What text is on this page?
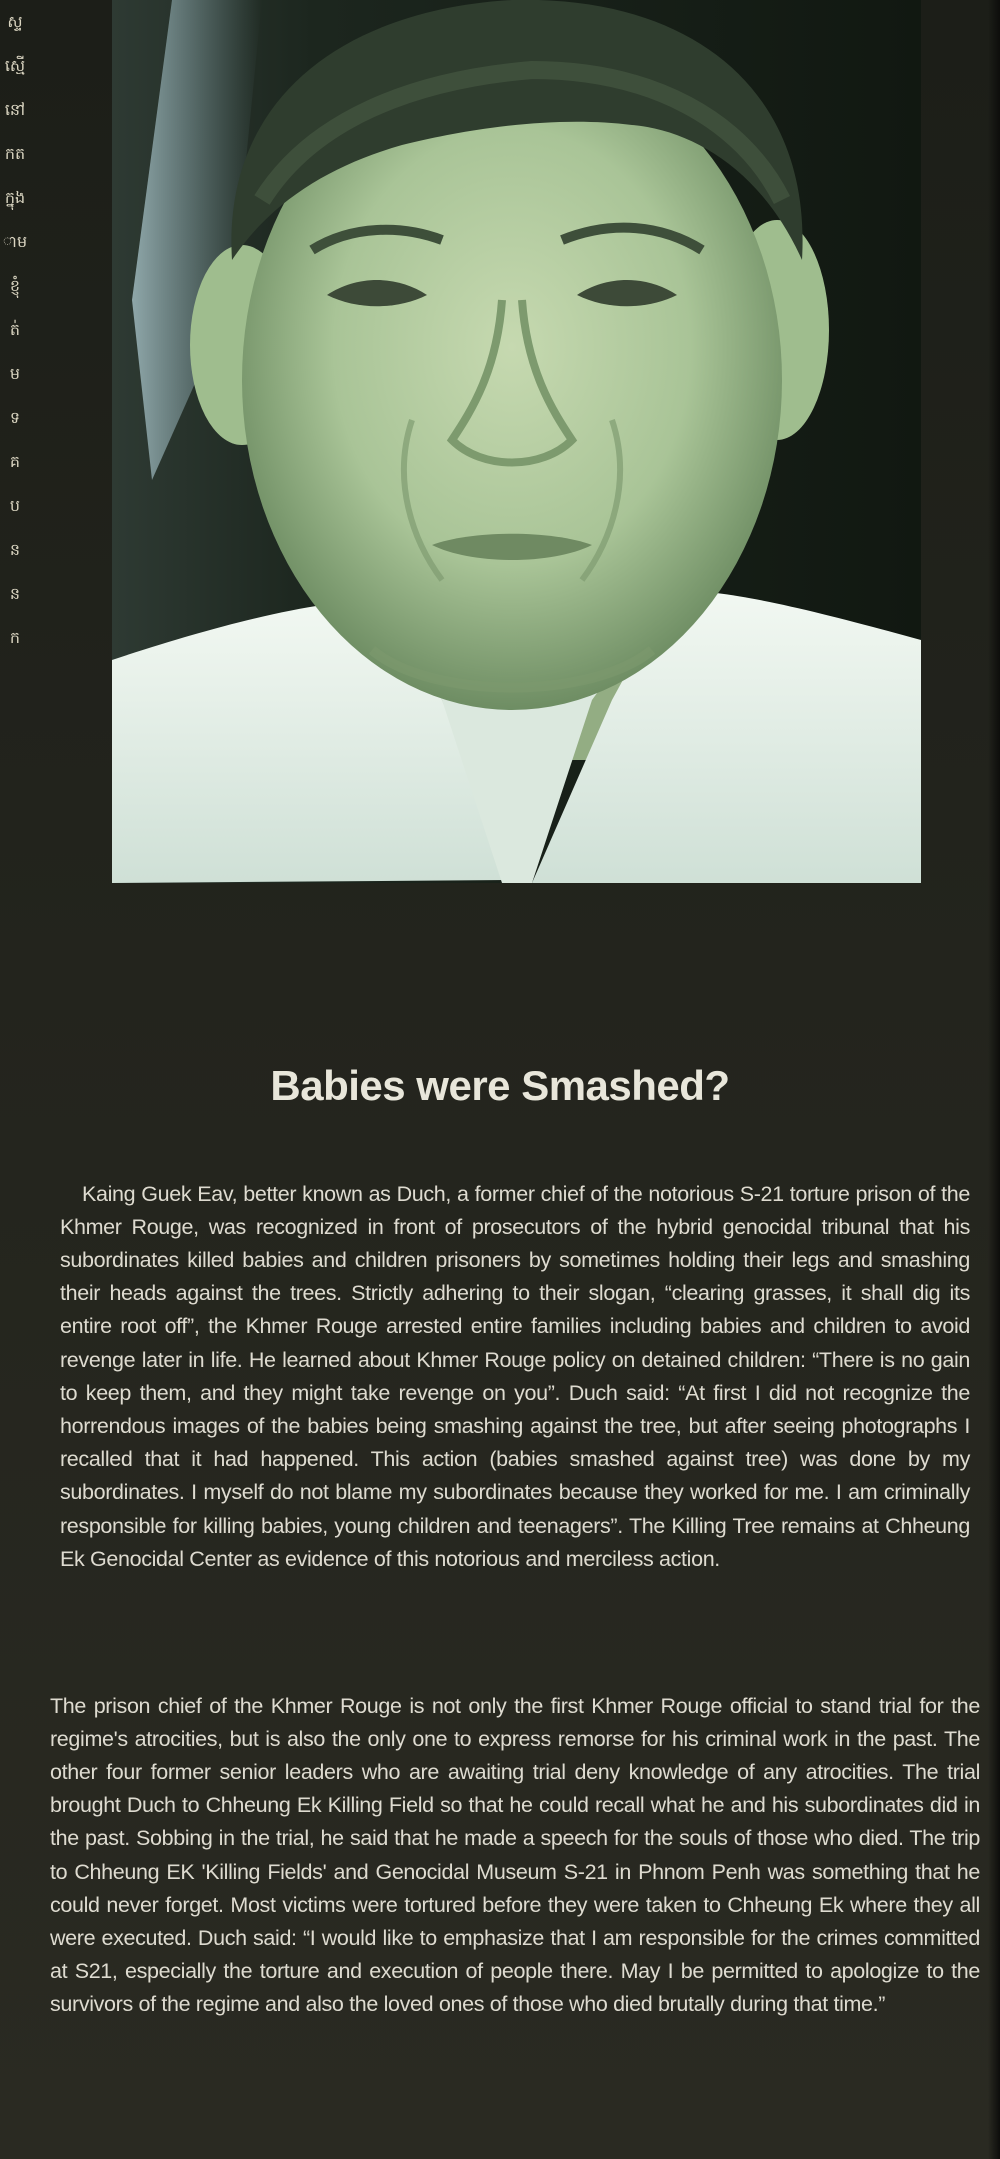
ស្ទ
ស្មើ
នៅ
កត
ក្នុង
ាម
ខ្ញុំ
ត់
ម
ទ
គ
ប
ន
ន
ក
Babies were Smashed?

Kaing Guek Eav, better known as Duch, a former chief of the notorious S-21 torture prison of the Khmer Rouge, was recognized in front of prosecutors of the hybrid genocidal tribunal that his subordinates killed babies and children prisoners by sometimes holding their legs and smashing their heads against the trees. Strictly adhering to their slogan, “clearing grasses, it shall dig its entire root off”, the Khmer Rouge arrested entire families including babies and children to avoid revenge later in life. He learned about Khmer Rouge policy on detained children: “There is no gain to keep them, and they might take revenge on you”. Duch said: “At first I did not recognize the horrendous images of the babies being smashing against the tree, but after seeing photographs I recalled that it had happened. This action (babies smashed against tree) was done by my subordinates. I myself do not blame my subordinates because they worked for me. I am criminally responsible for killing babies, young children and teenagers”. The Killing Tree remains at Chheung Ek Genocidal Center as evidence of this notorious and merciless action.

The prison chief of the Khmer Rouge is not only the first Khmer Rouge official to stand trial for the regime's atrocities, but is also the only one to express remorse for his criminal work in the past. The other four former senior leaders who are awaiting trial deny knowledge of any atrocities. The trial brought Duch to Chheung Ek Killing Field so that he could recall what he and his subordinates did in the past. Sobbing in the trial, he said that he made a speech for the souls of those who died. The trip to Chheung EK 'Killing Fields' and Genocidal Museum S-21 in Phnom Penh was something that he could never forget. Most victims were tortured before they were taken to Chheung Ek where they all were executed. Duch said: “I would like to emphasize that I am responsible for the crimes committed at S21, especially the torture and execution of people there. May I be permitted to apologize to the survivors of the regime and also the loved ones of those who died brutally during that time.”
